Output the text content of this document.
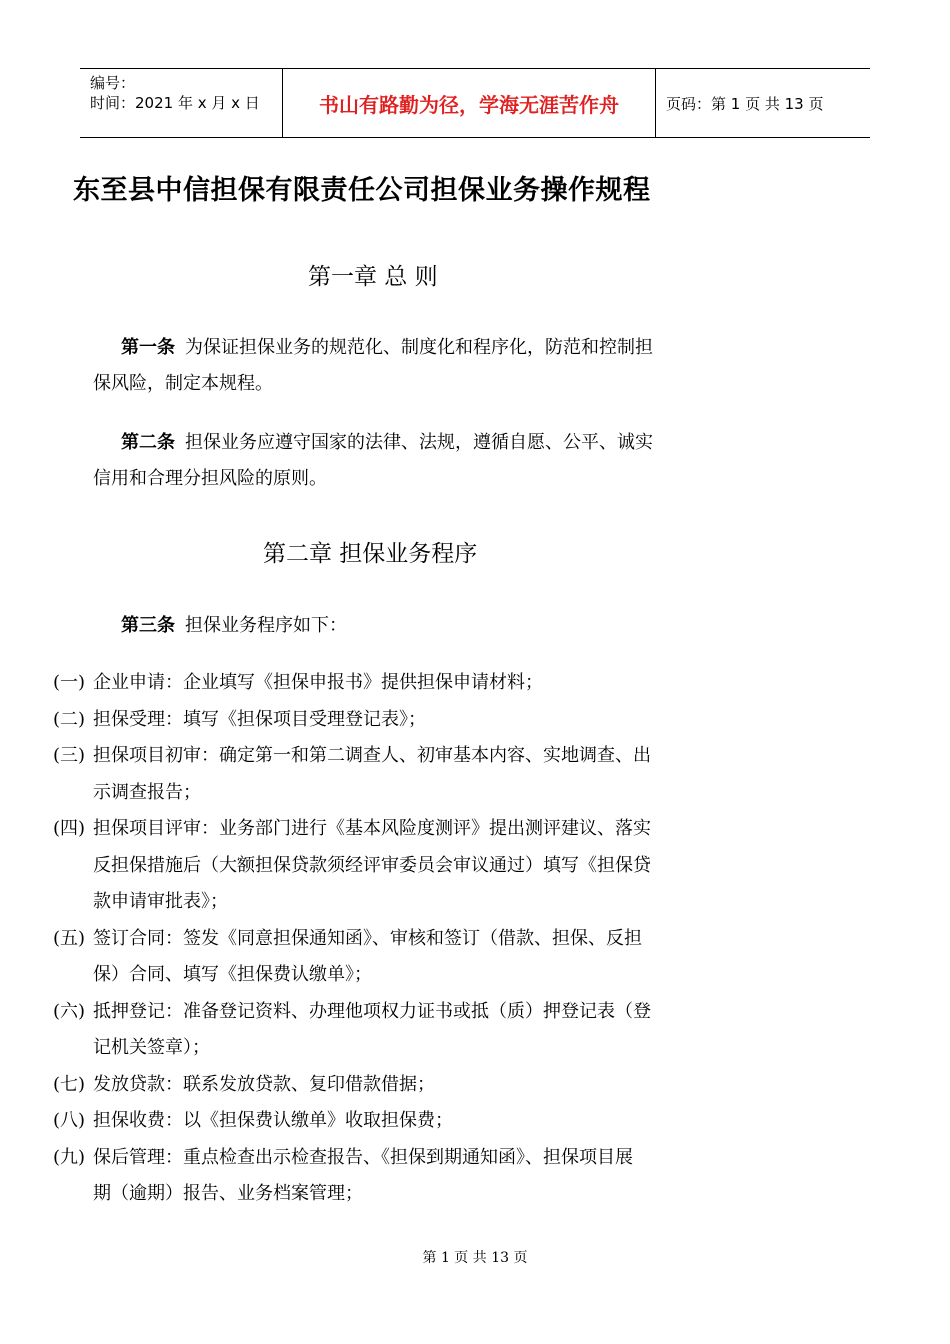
编号：
时间：2021 年 x 月 x 日	书山有路勤为径，学海无涯苦作舟	页码：第 1 页 共 13 页
东至县中信担保有限责任公司担保业务操作规程
第一章 总 则
第一条 为保证担保业务的规范化、制度化和程序化，防范和控制担
保风险，制定本规程。
第二条 担保业务应遵守国家的法律、法规，遵循自愿、公平、诚实
信用和合理分担风险的原则。
第二章 担保业务程序
第三条 担保业务程序如下：
(一) 企业申请：企业填写《担保申报书》提供担保申请材料；
(二) 担保受理：填写《担保项目受理登记表》；
(三) 担保项目初审：确定第一和第二调查人、初审基本内容、实地调查、出
示调查报告；
(四) 担保项目评审：业务部门进行《基本风险度测评》提出测评建议、落实
反担保措施后（大额担保贷款须经评审委员会审议通过）填写《担保贷
款申请审批表》；
(五) 签订合同：签发《同意担保通知函》、审核和签订（借款、担保、反担
保）合同、填写《担保费认缴单》；
(六) 抵押登记：准备登记资料、办理他项权力证书或抵（质）押登记表（登
记机关签章）；
(七) 发放贷款：联系发放贷款、复印借款借据；
(八) 担保收费：以《担保费认缴单》收取担保费；
(九) 保后管理：重点检查出示检查报告、《担保到期通知函》、担保项目展
期（逾期）报告、业务档案管理；
第 1 页 共 13 页
